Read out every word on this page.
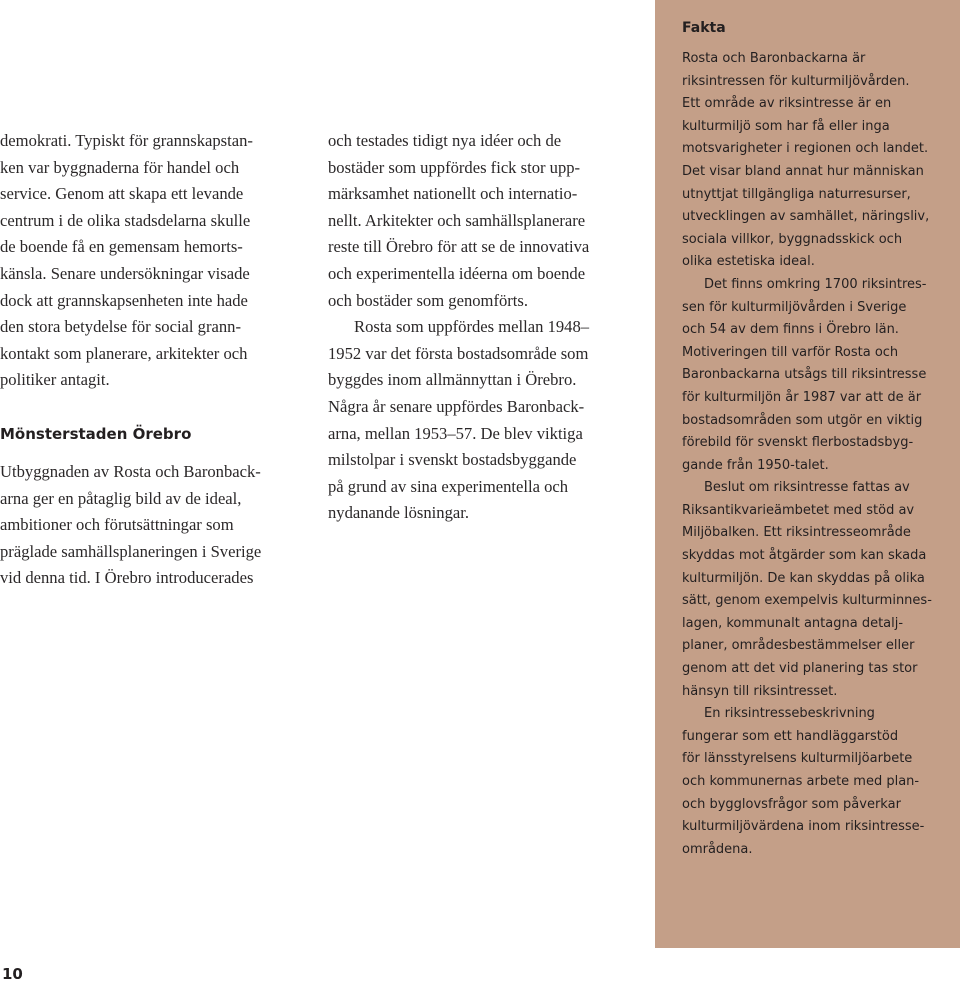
demokrati. Typiskt för grannskapstan-
ken var byggnaderna för handel och
service. Genom att skapa ett levande
centrum i de olika stadsdelarna skulle
de boende få en gemensam hemorts-
känsla. Senare undersökningar visade
dock att grannskapsenheten inte hade
den stora betydelse för social grann-
kontakt som planerare, arkitekter och
politiker antagit.

Mönsterstaden Örebro

Utbyggnaden av Rosta och Baronback-
arna ger en påtaglig bild av de ideal,
ambitioner och förutsättningar som
präglade samhällsplaneringen i Sverige
vid denna tid. I Örebro introducerades

och testades tidigt nya idéer och de
bostäder som uppfördes fick stor upp-
märksamhet nationellt och internatio-
nellt. Arkitekter och samhällsplanerare
reste till Örebro för att se de innovativa
och experimentella idéerna om boende
och bostäder som genomförts.

Rosta som uppfördes mellan 1948–
1952 var det första bostadsområde som
byggdes inom allmännyttan i Örebro.
Några år senare uppfördes Baronback-
arna, mellan 1953–57. De blev viktiga
milstolpar i svenskt bostadsbyggande
på grund av sina experimentella och
nydanande lösningar.

Fakta

Rosta och Baronbackarna är
riksintressen för kulturmiljövården.
Ett område av riksintresse är en
kulturmiljö som har få eller inga
motsvarigheter i regionen och landet.
Det visar bland annat hur människan
utnyttjat tillgängliga naturresurser,
utvecklingen av samhället, näringsliv,
sociala villkor, byggnadsskick och
olika estetiska ideal.

Det finns omkring 1700 riksintres-
sen för kulturmiljövården i Sverige
och 54 av dem finns i Örebro län.
Motiveringen till varför Rosta och
Baronbackarna utsågs till riksintresse
för kulturmiljön år 1987 var att de är
bostadsområden som utgör en viktig
förebild för svenskt flerbostadsbyg-
gande från 1950-talet.

Beslut om riksintresse fattas av
Riksantikvarieämbetet med stöd av
Miljöbalken. Ett riksintresseområde
skyddas mot åtgärder som kan skada
kulturmiljön. De kan skyddas på olika
sätt, genom exempelvis kulturminnes-
lagen, kommunalt antagna detalj-
planer, områdesbestämmelser eller
genom att det vid planering tas stor
hänsyn till riksintresset.

En riksintressebeskrivning
fungerar som ett handläggarstöd
för länsstyrelsens kulturmiljöarbete
och kommunernas arbete med plan-
och bygglovsfrågor som påverkar
kulturmiljövärdena inom riksintresse-
områdena.

10
